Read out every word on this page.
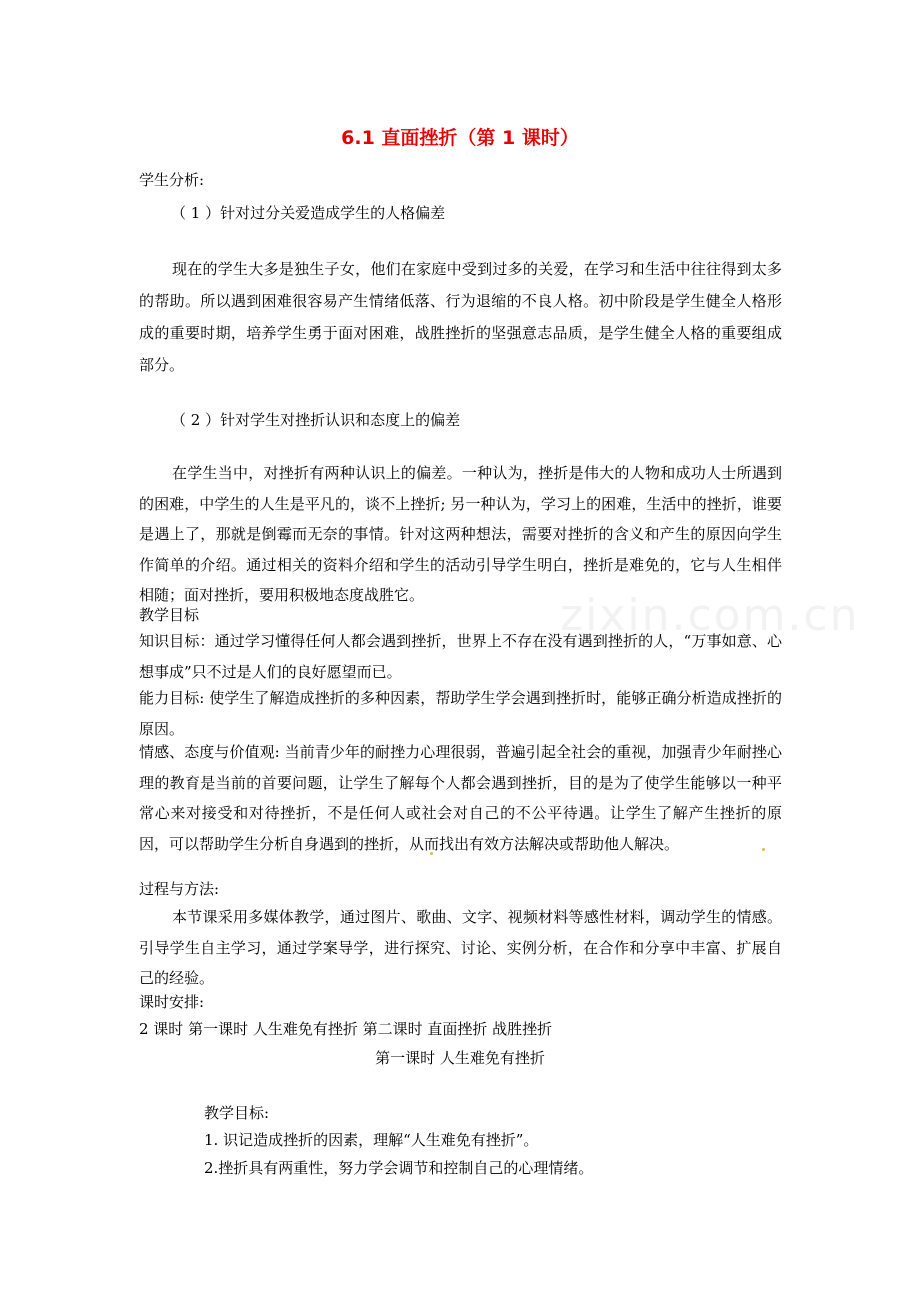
zixin.com.cn
6.1 直面挫折（第 1 课时）
学生分析:
（ 1 ）针对过分关爱造成学生的人格偏差
现在的学生大多是独生子女，他们在家庭中受到过多的关爱，在学习和生活中往往得到太多的帮助。所以遇到困难很容易产生情绪低落、行为退缩的不良人格。初中阶段是学生健全人格形成的重要时期，培养学生勇于面对困难，战胜挫折的坚强意志品质，是学生健全人格的重要组成部分。
（ 2 ）针对学生对挫折认识和态度上的偏差
在学生当中，对挫折有两种认识上的偏差。一种认为，挫折是伟大的人物和成功人士所遇到的困难，中学生的人生是平凡的，谈不上挫折; 另一种认为，学习上的困难，生活中的挫折，谁要是遇上了，那就是倒霉而无奈的事情。针对这两种想法，需要对挫折的含义和产生的原因向学生作简单的介绍。通过相关的资料介绍和学生的活动引导学生明白，挫折是难免的，它与人生相伴相随；面对挫折，要用积极地态度战胜它。
教学目标
知识目标：通过学习懂得任何人都会遇到挫折，世界上不存在没有遇到挫折的人，“万事如意、心想事成”只不过是人们的良好愿望而已。
能力目标: 使学生了解造成挫折的多种因素，帮助学生学会遇到挫折时，能够正确分析造成挫折的原因。
情感、态度与价值观: 当前青少年的耐挫力心理很弱，普遍引起全社会的重视，加强青少年耐挫心理的教育是当前的首要问题，让学生了解每个人都会遇到挫折，目的是为了使学生能够以一种平常心来对接受和对待挫折，不是任何人或社会对自己的不公平待遇。让学生了解产生挫折的原因，可以帮助学生分析自身遇到的挫折，从而找出有效方法解决或帮助他人解决。
过程与方法:
本节课采用多媒体教学，通过图片、歌曲、文字、视频材料等感性材料，调动学生的情感。引导学生自主学习，通过学案导学，进行探究、讨论、实例分析，在合作和分享中丰富、扩展自己的经验。
课时安排:
2 课时 第一课时 人生难免有挫折 第二课时 直面挫折 战胜挫折
第一课时 人生难免有挫折
教学目标:
1. 识记造成挫折的因素，理解“人生难免有挫折”。
2.挫折具有两重性，努力学会调节和控制自己的心理情绪。
